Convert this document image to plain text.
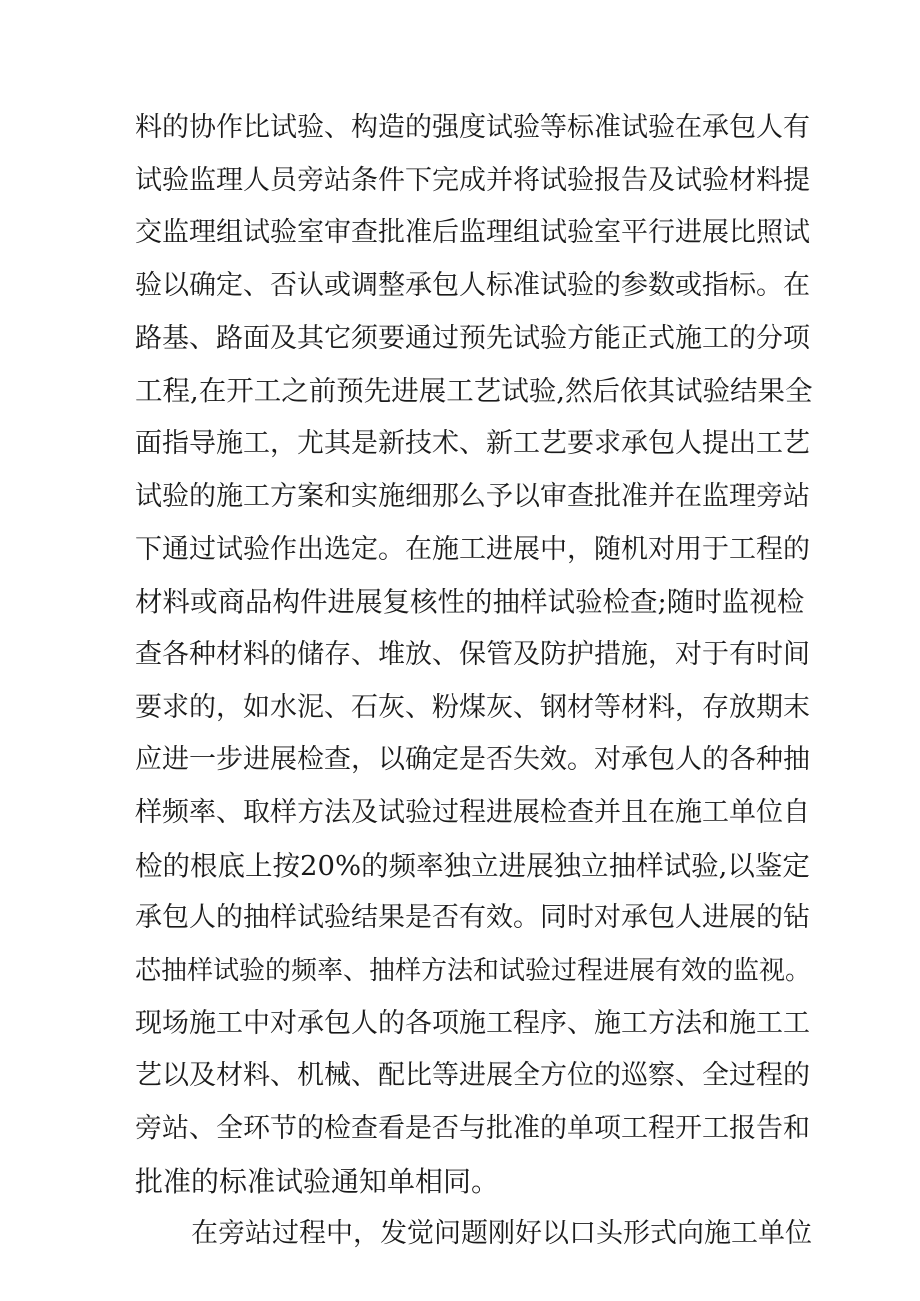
料的协作比试验、构造的强度试验等标准试验在承包人有
试验监理人员旁站条件下完成并将试验报告及试验材料提
交监理组试验室审查批准后监理组试验室平行进展比照试
验以确定、否认或调整承包人标准试验的参数或指标。在
路基、路面及其它须要通过预先试验方能正式施工的分项
工程,在开工之前预先进展工艺试验,然后依其试验结果全
面指导施工，尤其是新技术、新工艺要求承包人提出工艺
试验的施工方案和实施细那么予以审查批准并在监理旁站
下通过试验作出选定。在施工进展中，随机对用于工程的
材料或商品构件进展复核性的抽样试验检查;随时监视检
查各种材料的储存、堆放、保管及防护措施，对于有时间
要求的，如水泥、石灰、粉煤灰、钢材等材料，存放期末
应进一步进展检查，以确定是否失效。对承包人的各种抽
样频率、取样方法及试验过程进展检查并且在施工单位自
检的根底上按20%的频率独立进展独立抽样试验,以鉴定
承包人的抽样试验结果是否有效。同时对承包人进展的钻
芯抽样试验的频率、抽样方法和试验过程进展有效的监视。
现场施工中对承包人的各项施工程序、施工方法和施工工
艺以及材料、机械、配比等进展全方位的巡察、全过程的
旁站、全环节的检查看是否与批准的单项工程开工报告和
批准的标准试验通知单相同。
在旁站过程中，发觉问题刚好以口头形式向施工单位
